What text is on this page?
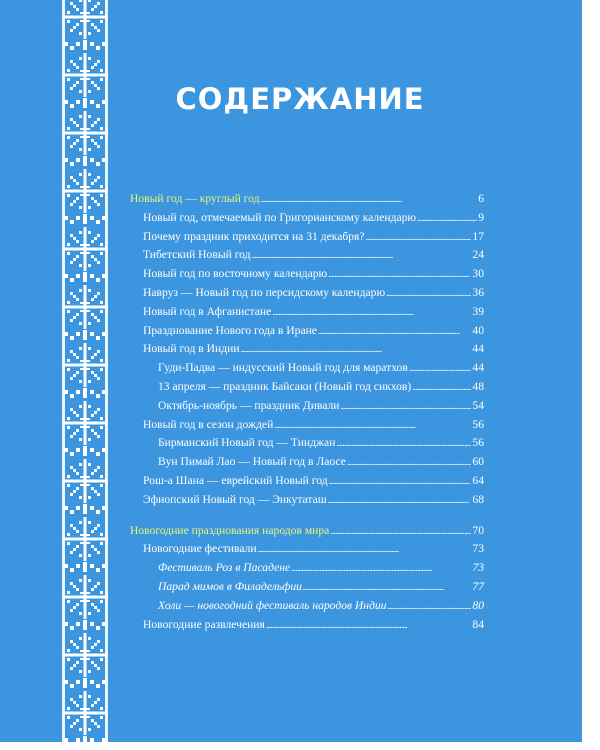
СОДЕРЖАНИЕ
Новый год — круглый год . . .	6
Новый год, отмечаемый по Григорианскому календарю . . .	9
Почему праздник приходится на 31 декабря? . . .	17
Тибетский Новый год . . .	24
Новый год по восточному календарю . . .	30
Навруз — Новый год по персидскому календарю . . .	36
Новый год в Афганистане . . .	39
Празднование Нового года в Иране . . .	40
Новый год в Индии . . .	44
Гуди-Падва — индусский Новый год для маратхов . . .	44
13 апреля — праздник Байсаки (Новый год сикхов) . . .	48
Октябрь-ноябрь — праздник Дивали . . .	54
Новый год в сезон дождей . . .	56
Бирманский Новый год — Тинджан . . .	56
Вун Пимай Лао — Новый год в Лаосе . . .	60
Рош-а Шана — еврейский Новый год . . .	64
Эфиопский Новый год — Энкутаташ . . .	68
Новогодние празднования народов мира . . .	70
Новогодние фестивали . . .	73
Фестиваль Роз в Пасадене . . .	73
Парад мимов в Филадельфии . . .	77
Холи — новогодний фестиваль народов Индии . . .	80
Новогодние развлечения . . .	84
